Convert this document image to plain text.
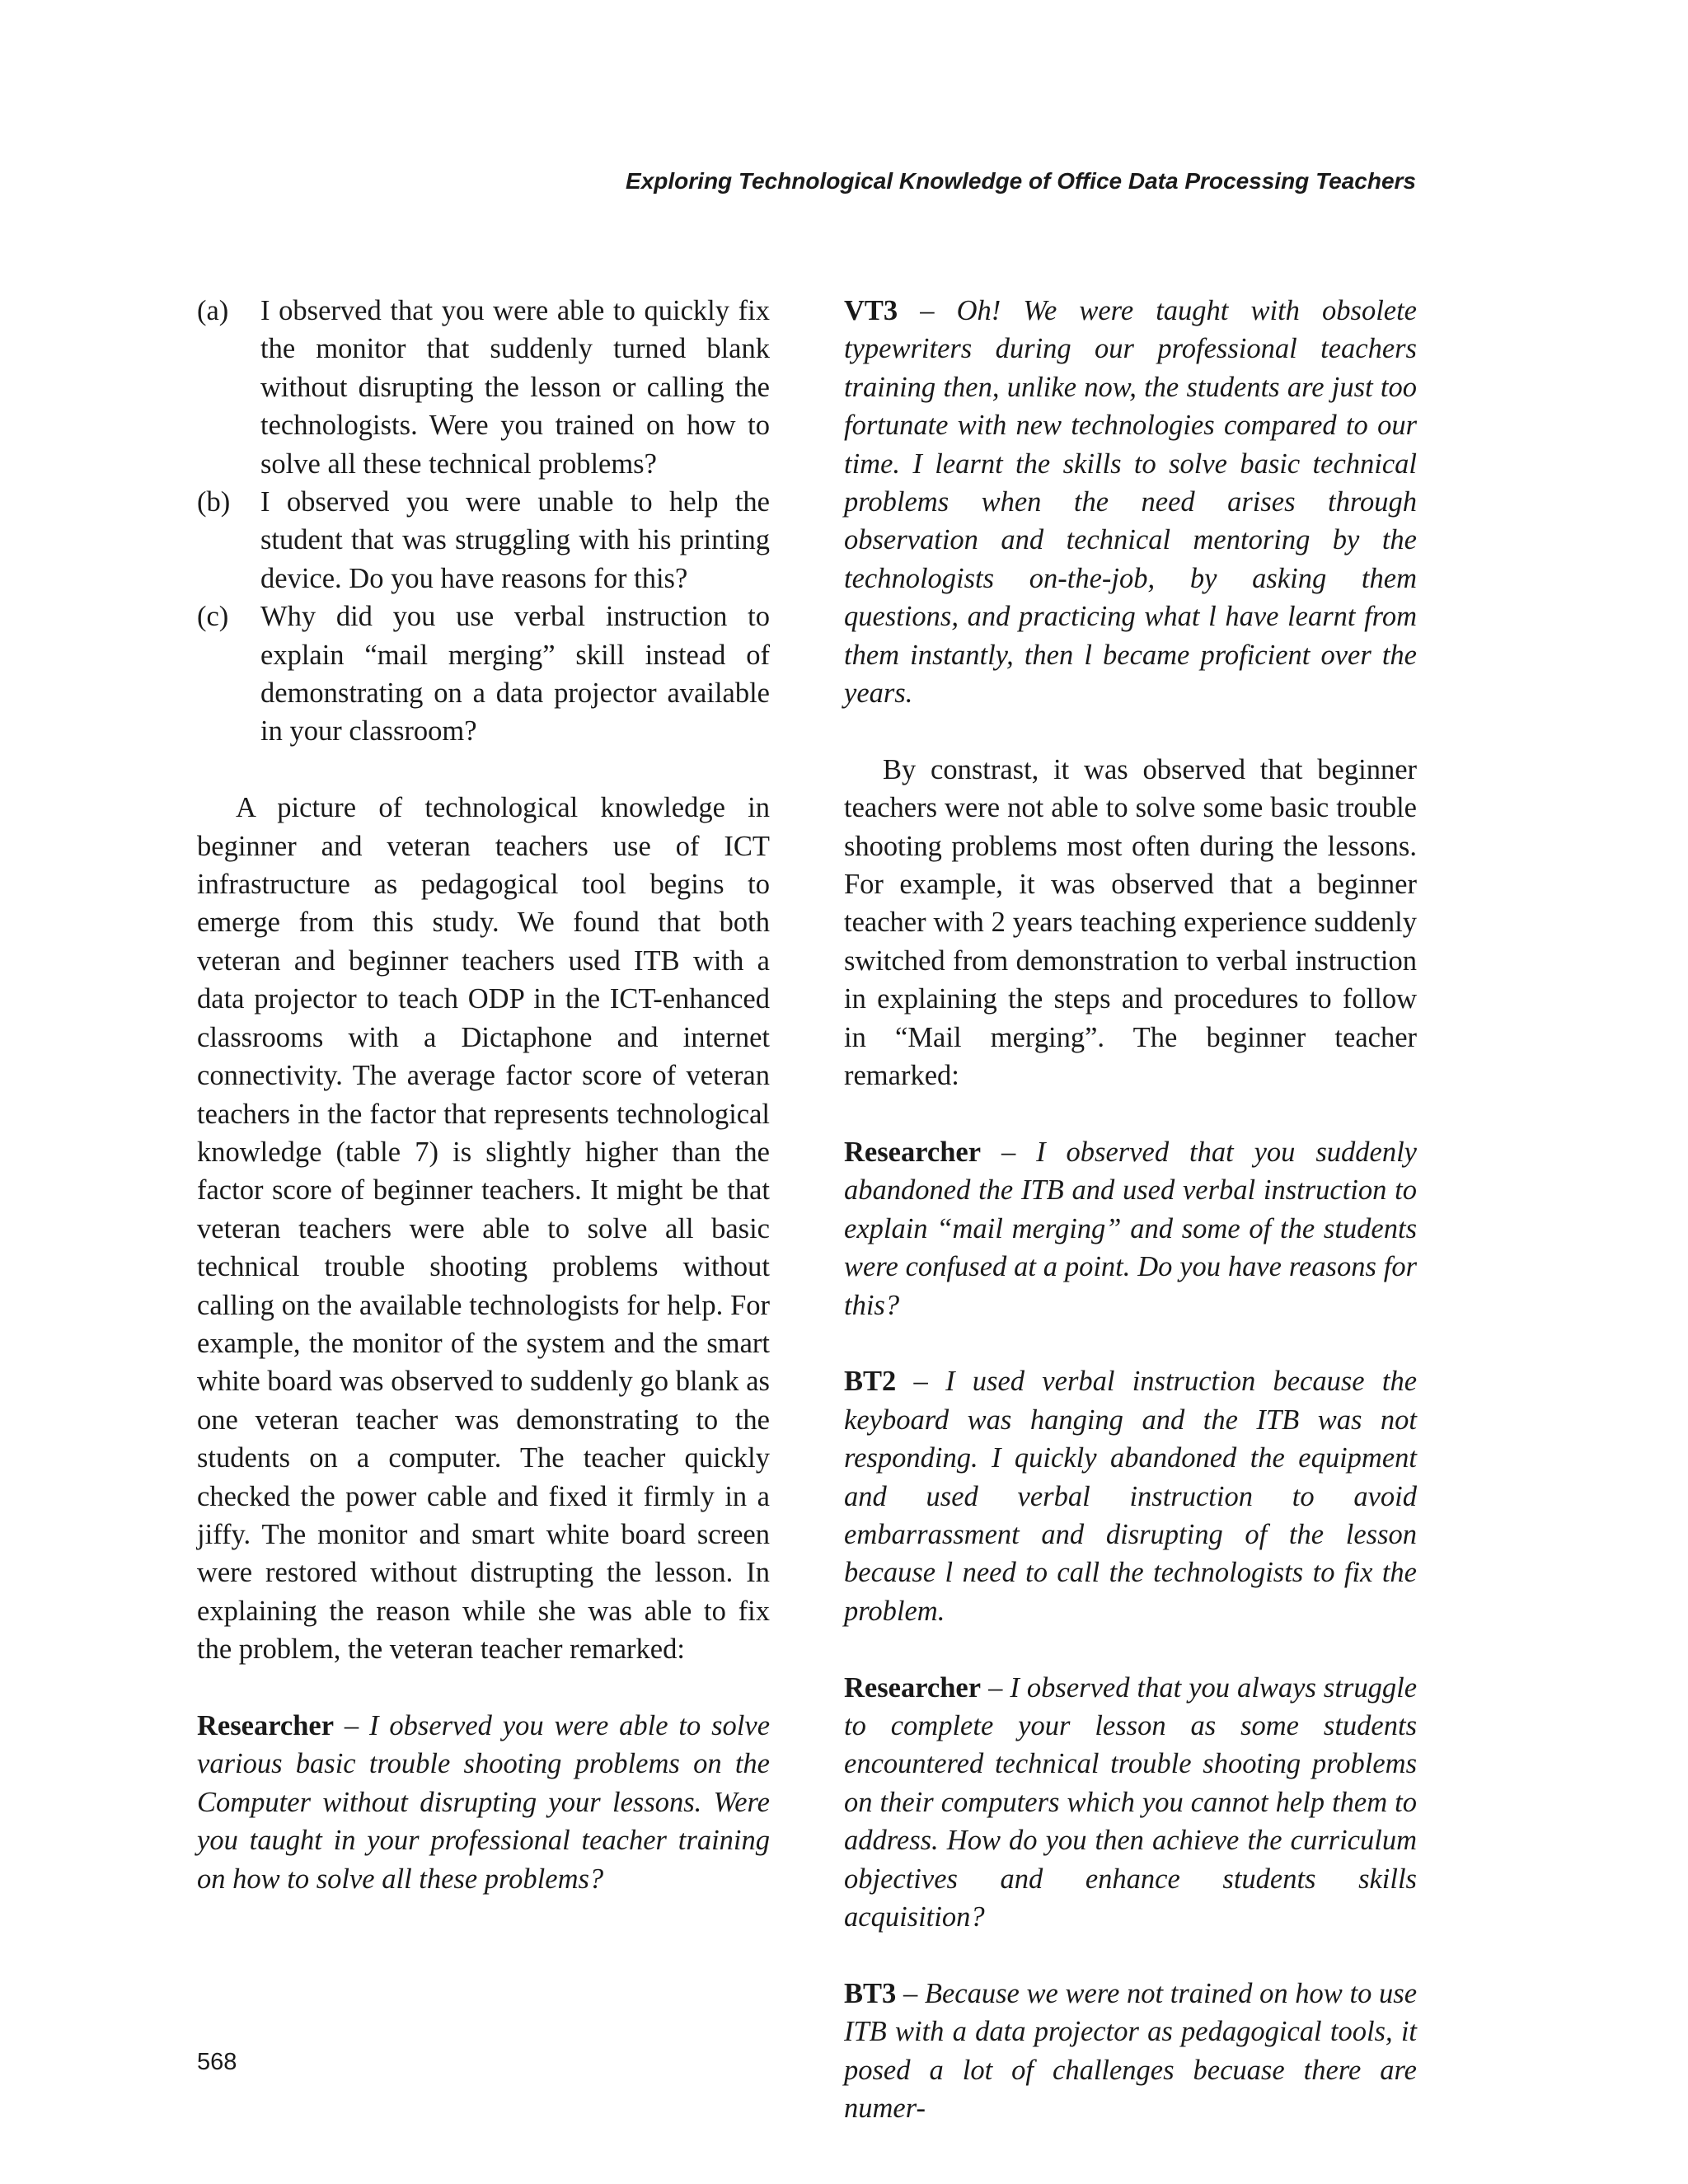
Exploring Technological Knowledge of Office Data Processing Teachers
(a)	I observed that you were able to quickly fix the monitor that suddenly turned blank without disrupting the lesson or calling the technologists. Were you trained on how to solve all these technical problems?
(b)	I observed you were unable to help the student that was struggling with his printing device. Do you have reasons for this?
(c)	Why did you use verbal instruction to explain “mail merging” skill instead of demonstrating on a data projector available in your classroom?

A picture of technological knowledge in beginner and veteran teachers use of ICT infrastructure as pedagogical tool begins to emerge from this study. We found that both veteran and beginner teachers used ITB with a data projector to teach ODP in the ICT-enhanced classrooms with a Dictaphone and internet connectivity. The average factor score of veteran teachers in the factor that represents technological knowledge (table 7) is slightly higher than the factor score of beginner teachers. It might be that veteran teachers were able to solve all basic technical trouble shooting problems without calling on the available technologists for help. For example, the monitor of the system and the smart white board was observed to suddenly go blank as one veteran teacher was demonstrating to the students on a computer. The teacher quickly checked the power cable and fixed it firmly in a jiffy. The monitor and smart white board screen were restored without distrupting the lesson. In explaining the reason while she was able to fix the problem, the veteran teacher remarked:

Researcher – I observed you were able to solve various basic trouble shooting problems on the Computer without disrupting your lessons. Were you taught in your professional teacher training on how to solve all these problems?

VT3 – Oh! We were taught with obsolete typewriters during our professional teachers training then, unlike now, the students are just too fortunate with new technologies compared to our time. I learnt the skills to solve basic technical problems when the need arises through observation and technical mentoring by the technologists on-the-job, by asking them questions, and practicing what l have learnt from them instantly, then l became proficient over the years.

By constrast, it was observed that beginner teachers were not able to solve some basic trouble shooting problems most often during the lessons. For example, it was observed that a beginner teacher with 2 years teaching experience suddenly switched from demonstration to verbal instruction in explaining the steps and procedures to follow in “Mail merging”. The beginner teacher remarked:

Researcher – I observed that you suddenly abandoned the ITB and used verbal instruction to explain “mail merging” and some of the students were confused at a point. Do you have reasons for this?

BT2 – I used verbal instruction because the keyboard was hanging and the ITB was not responding. I quickly abandoned the equipment and used verbal instruction to avoid embarrassment and disrupting of the lesson because l need to call the technologists to fix the problem.

Researcher – I observed that you always struggle to complete your lesson as some students encountered technical trouble shooting problems on their computers which you cannot help them to address. How do you then achieve the curriculum objectives and enhance students skills acquisition?

BT3 – Because we were not trained on how to use ITB with a data projector as pedagogical tools, it posed a lot of challenges becuase there are numer-

568
